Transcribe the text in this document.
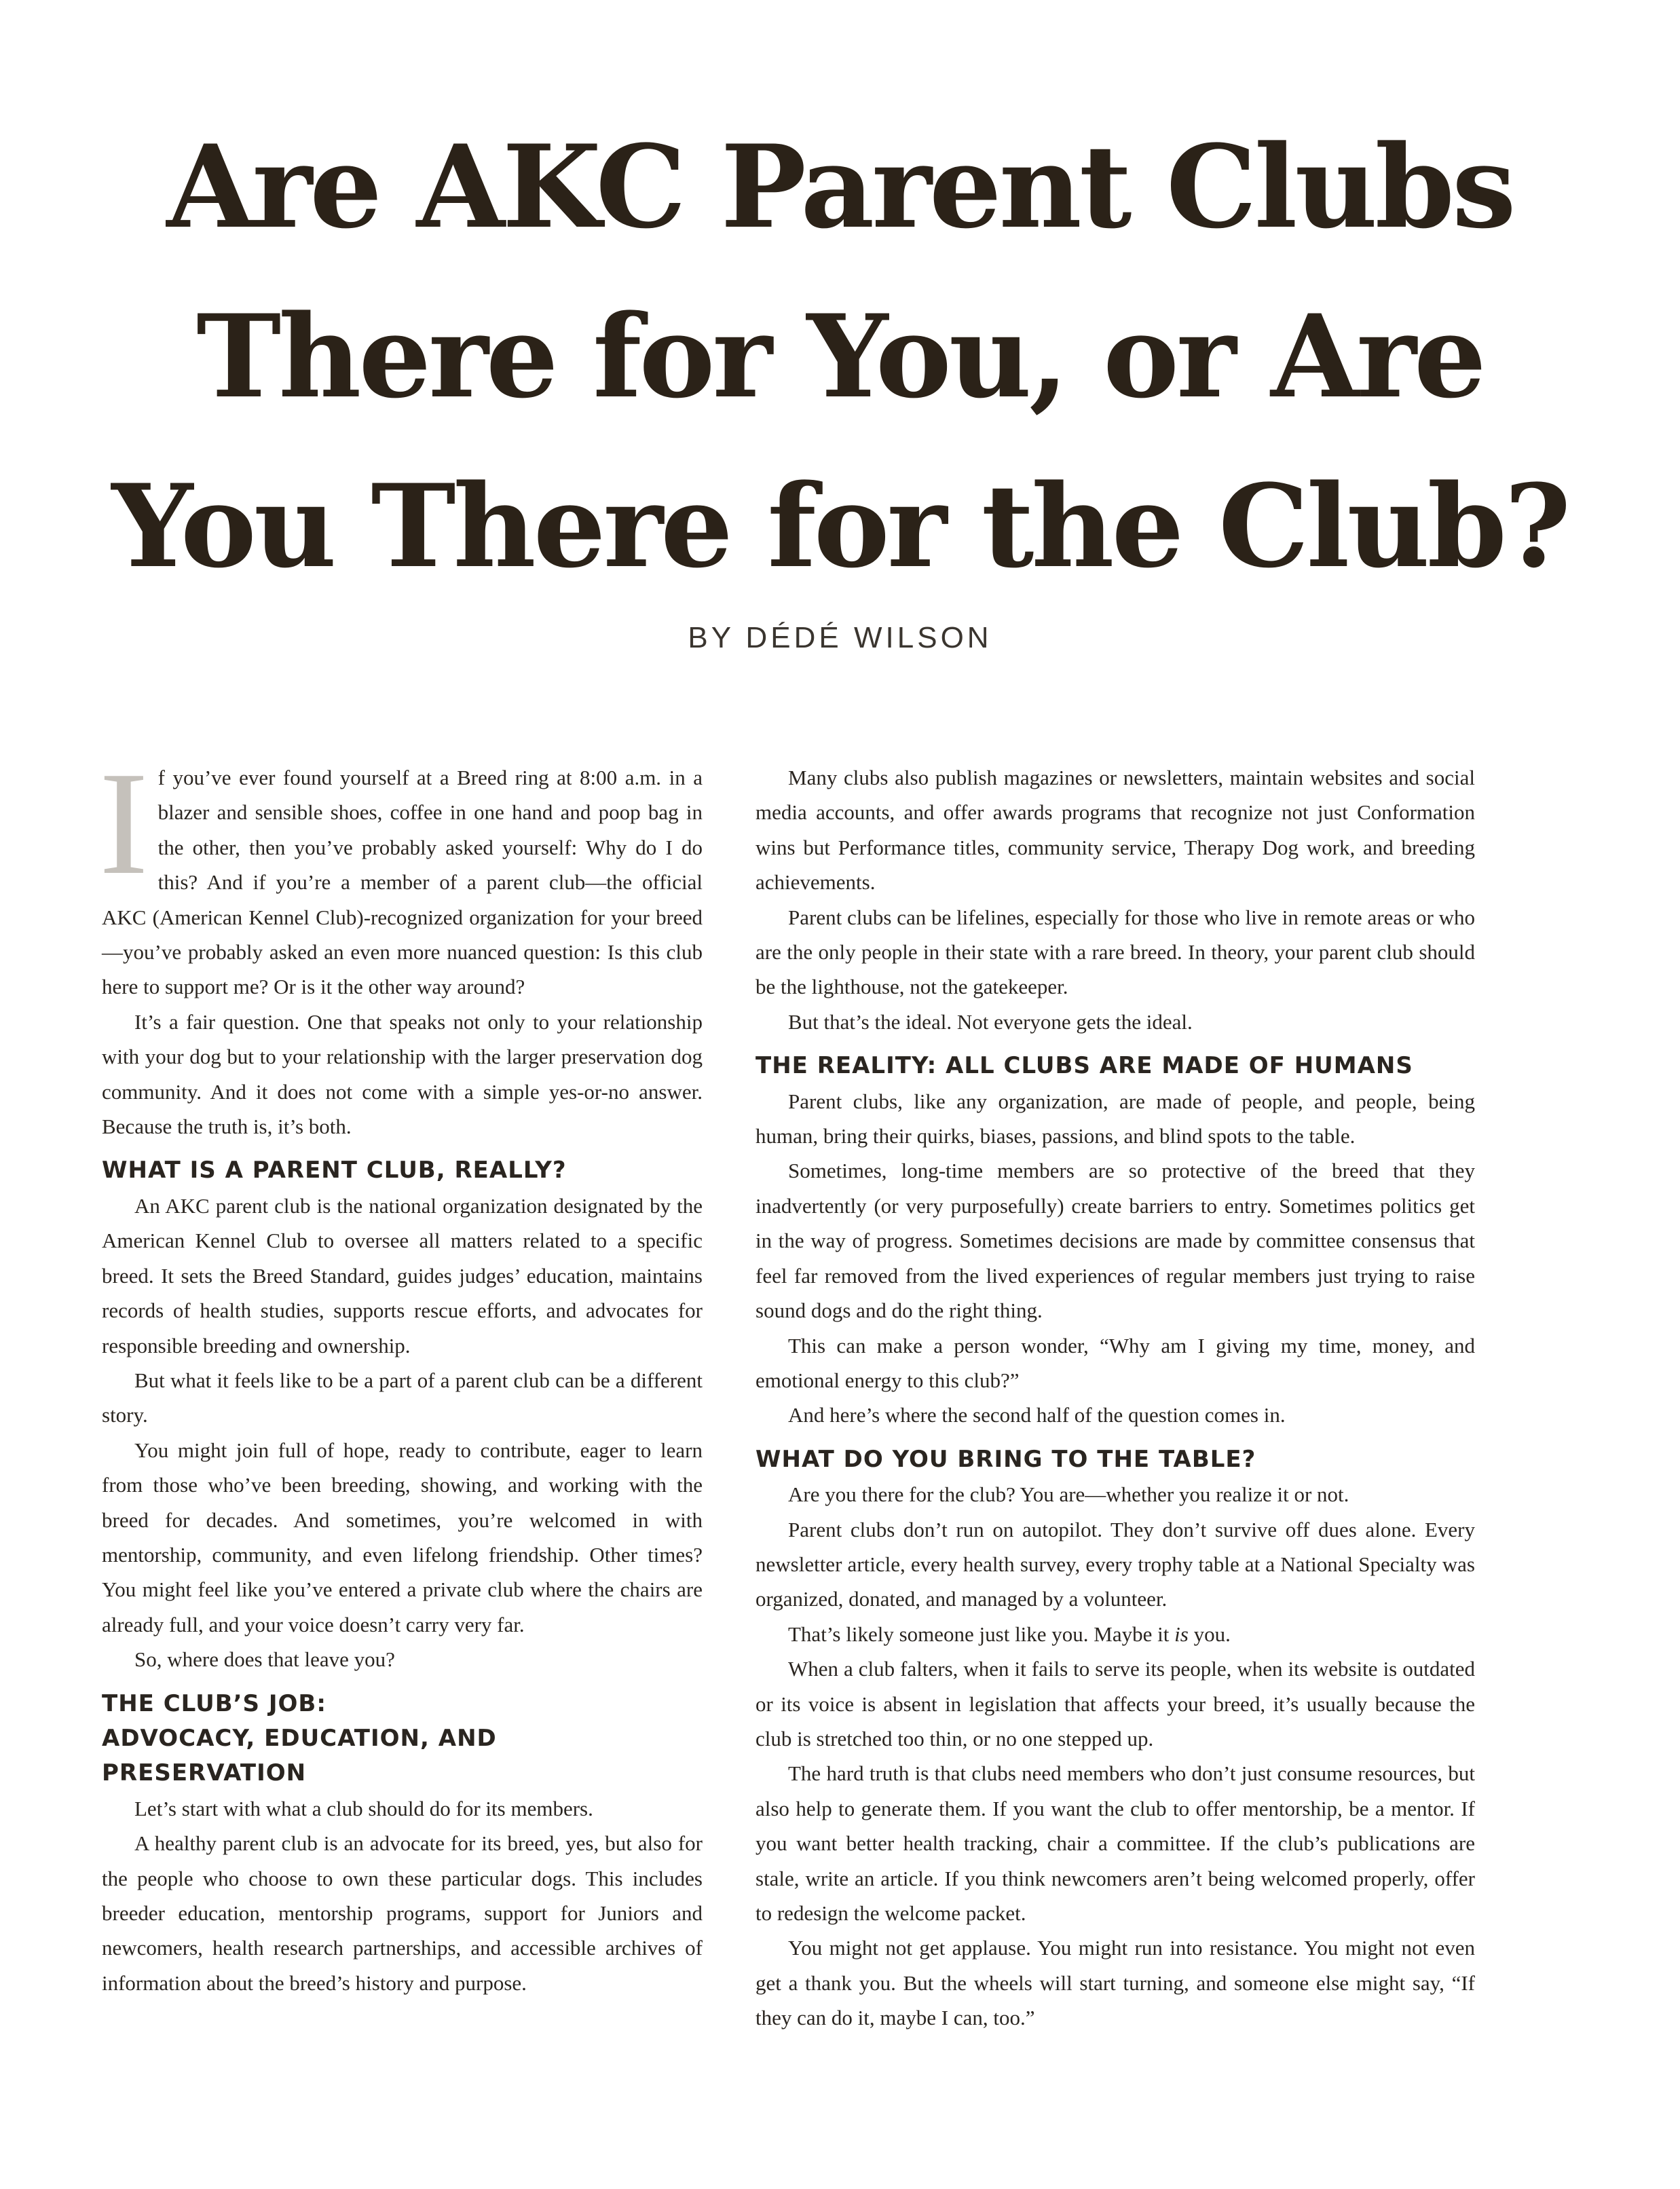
Are AKC Parent Clubs
There for You, or Are
You There for the Club?
BY DÉDÉ WILSON

If you’ve ever found yourself at a Breed ring at 8:00 a.m. in a blazer and sensible shoes, coffee in one hand and poop bag in the other, then you’ve probably asked yourself: Why do I do this? And if you’re a member of a parent club—the official AKC (American Kennel Club)-recognized organization for your breed—you’ve probably asked an even more nuanced question: Is this club here to support me? Or is it the other way around?

It’s a fair question. One that speaks not only to your relationship with your dog but to your relationship with the larger preservation dog community. And it does not come with a simple yes-or-no answer. Because the truth is, it’s both.

WHAT IS A PARENT CLUB, REALLY?

An AKC parent club is the national organization designated by the American Kennel Club to oversee all matters related to a specific breed. It sets the Breed Standard, guides judges’ education, maintains records of health studies, supports rescue efforts, and advocates for responsible breeding and ownership.

But what it feels like to be a part of a parent club can be a different story.

You might join full of hope, ready to contribute, eager to learn from those who’ve been breeding, showing, and working with the breed for decades. And sometimes, you’re welcomed in with mentorship, community, and even lifelong friendship. Other times? You might feel like you’ve entered a private club where the chairs are already full, and your voice doesn’t carry very far.

So, where does that leave you?

THE CLUB’S JOB:
ADVOCACY, EDUCATION, AND PRESERVATION

Let’s start with what a club should do for its members.

A healthy parent club is an advocate for its breed, yes, but also for the people who choose to own these particular dogs. This includes breeder education, mentorship programs, support for Juniors and newcomers, health research partnerships, and accessible archives of information about the breed’s history and purpose.

Many clubs also publish magazines or newsletters, maintain websites and social media accounts, and offer awards programs that recognize not just Conformation wins but Performance titles, community service, Therapy Dog work, and breeding achievements.

Parent clubs can be lifelines, especially for those who live in remote areas or who are the only people in their state with a rare breed. In theory, your parent club should be the lighthouse, not the gatekeeper.

But that’s the ideal. Not everyone gets the ideal.

THE REALITY: ALL CLUBS ARE MADE OF HUMANS

Parent clubs, like any organization, are made of people, and people, being human, bring their quirks, biases, passions, and blind spots to the table.

Sometimes, long-time members are so protective of the breed that they inadvertently (or very purposefully) create barriers to entry. Sometimes politics get in the way of progress. Sometimes decisions are made by committee consensus that feel far removed from the lived experiences of regular members just trying to raise sound dogs and do the right thing.

This can make a person wonder, “Why am I giving my time, money, and emotional energy to this club?”

And here’s where the second half of the question comes in.

WHAT DO YOU BRING TO THE TABLE?

Are you there for the club? You are—whether you realize it or not.

Parent clubs don’t run on autopilot. They don’t survive off dues alone. Every newsletter article, every health survey, every trophy table at a National Specialty was organized, donated, and managed by a volunteer.

That’s likely someone just like you. Maybe it is you.

When a club falters, when it fails to serve its people, when its website is outdated or its voice is absent in legislation that affects your breed, it’s usually because the club is stretched too thin, or no one stepped up.

The hard truth is that clubs need members who don’t just consume resources, but also help to generate them. If you want the club to offer mentorship, be a mentor. If you want better health tracking, chair a committee. If the club’s publications are stale, write an article. If you think newcomers aren’t being welcomed properly, offer to redesign the welcome packet.

You might not get applause. You might run into resistance. You might not even get a thank you. But the wheels will start turning, and someone else might say, “If they can do it, maybe I can, too.”
